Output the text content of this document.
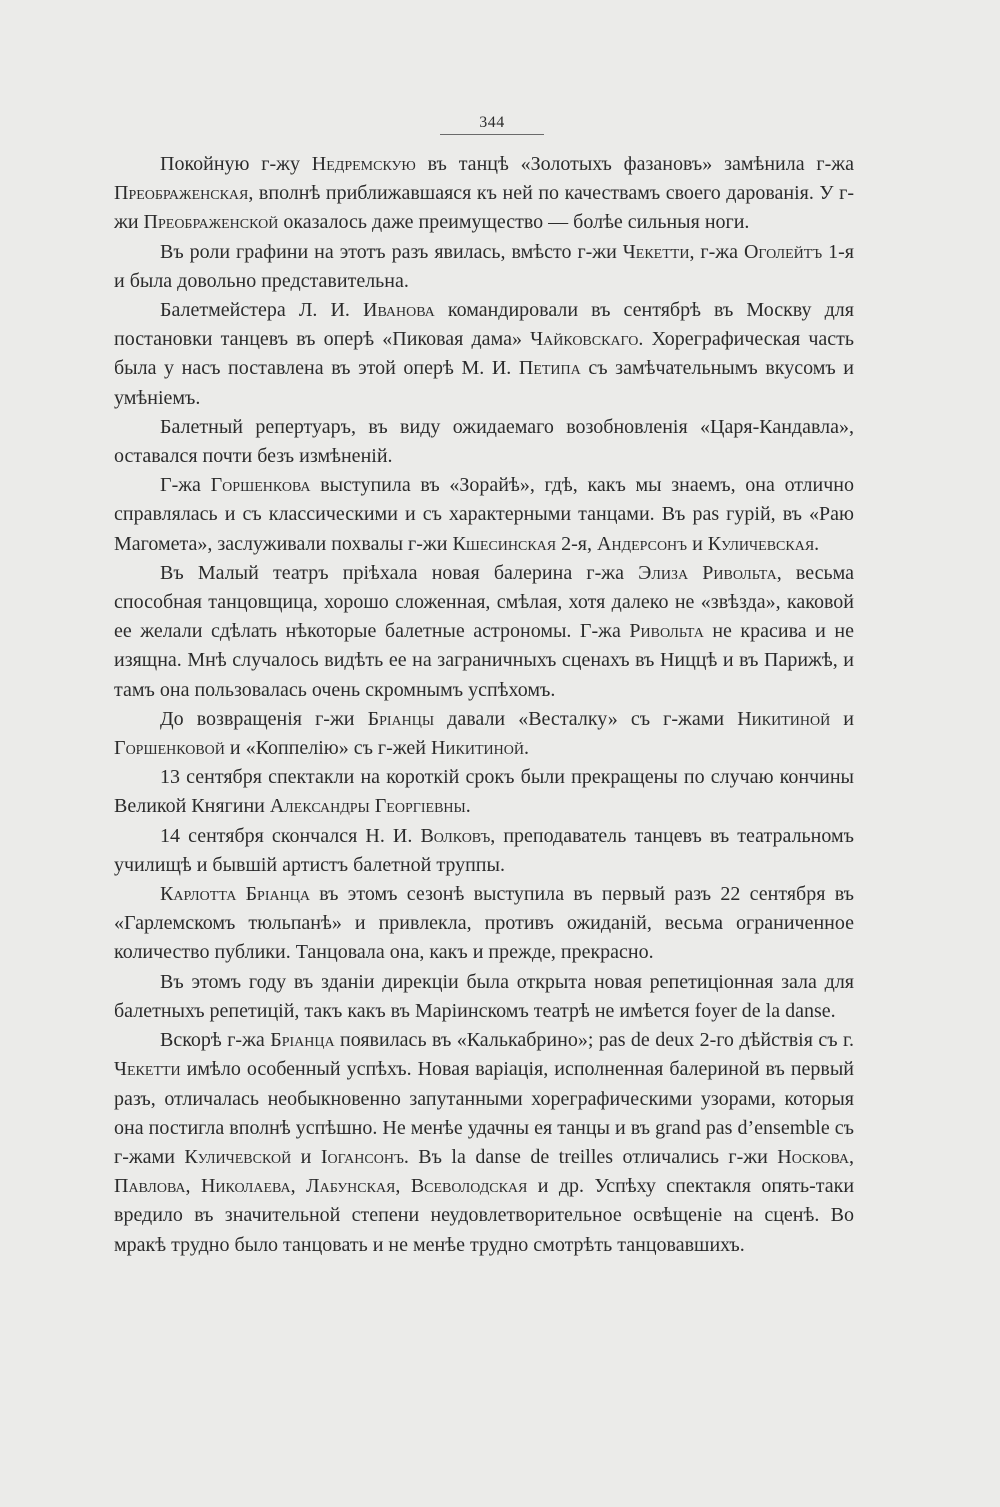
344

Покойную г-жу Недремскую въ танцѣ «Золотыхъ фазановъ» замѣнила г-жа Преображенская, вполнѣ приближавшаяся къ ней по качествамъ своего дарованія. У г-жи Преображенской оказалось даже преимущество — болѣе сильныя ноги.

Въ роли графини на этотъ разъ явилась, вмѣсто г-жи Чекетти, г-жа Оголейтъ 1-я и была довольно представительна.

Балетмейстера Л. И. Иванова командировали въ сентябрѣ въ Москву для постановки танцевъ въ оперѣ «Пиковая дама» Чайковскаго. Хореграфическая часть была у насъ поставлена въ этой оперѣ М. И. Петипа съ замѣчательнымъ вкусомъ и умѣніемъ.

Балетный репертуаръ, въ виду ожидаемаго возобновленія «Царя-Кандавла», оставался почти безъ измѣненій.

Г-жа Горшенкова выступила въ «Зорайѣ», гдѣ, какъ мы знаемъ, она отлично справлялась и съ классическими и съ характерными танцами. Въ pas гурій, въ «Раю Магомета», заслуживали похвалы г-жи Кшесинская 2-я, Андерсонъ и Куличевская.

Въ Малый театръ пріѣхала новая балерина г-жа Элиза Ривольта, весьма способная танцовщица, хорошо сложенная, смѣлая, хотя далеко не «звѣзда», каковой ее желали сдѣлать нѣкоторые балетные астрономы. Г-жа Ривольта не красива и не изящна. Мнѣ случалось видѣть ее на заграничныхъ сценахъ въ Ниццѣ и въ Парижѣ, и тамъ она пользовалась очень скромнымъ успѣхомъ.

До возвращенія г-жи Бріанцы давали «Весталку» съ г-жами Никитиной и Горшенковой и «Коппелію» съ г-жей Никитиной.

13 сентября спектакли на короткій срокъ были прекращены по случаю кончины Великой Княгини Александры Георгіевны.

14 сентября скончался Н. И. Волковъ, преподаватель танцевъ въ театральномъ училищѣ и бывшій артистъ балетной труппы.

Карлотта Бріанца въ этомъ сезонѣ выступила въ первый разъ 22 сентября въ «Гарлемскомъ тюльпанѣ» и привлекла, противъ ожиданій, весьма ограниченное количество публики. Танцовала она, какъ и прежде, прекрасно.

Въ этомъ году въ зданіи дирекціи была открыта новая репетиціонная зала для балетныхъ репетицій, такъ какъ въ Маріинскомъ театрѣ не имѣется foyer de la danse.

Вскорѣ г-жа Бріанца появилась въ «Калькабрино»; pas de deux 2-го дѣйствія съ г. Чекетти имѣло особенный успѣхъ. Новая варіація, исполненная балериной въ первый разъ, отличалась необыкновенно запутанными хореграфическими узорами, которыя она постигла вполнѣ успѣшно. Не менѣе удачны ея танцы и въ grand pas d’ensemble съ г-жами Куличевской и Іогансонъ. Въ la danse de treilles отличались г-жи Носкова, Павлова, Николаева, Лабунская, Всеволодская и др. Успѣху спектакля опять-таки вредило въ значительной степени неудовлетворительное освѣщеніе на сценѣ. Во мракѣ трудно было танцовать и не менѣе трудно смотрѣть танцовавшихъ.
